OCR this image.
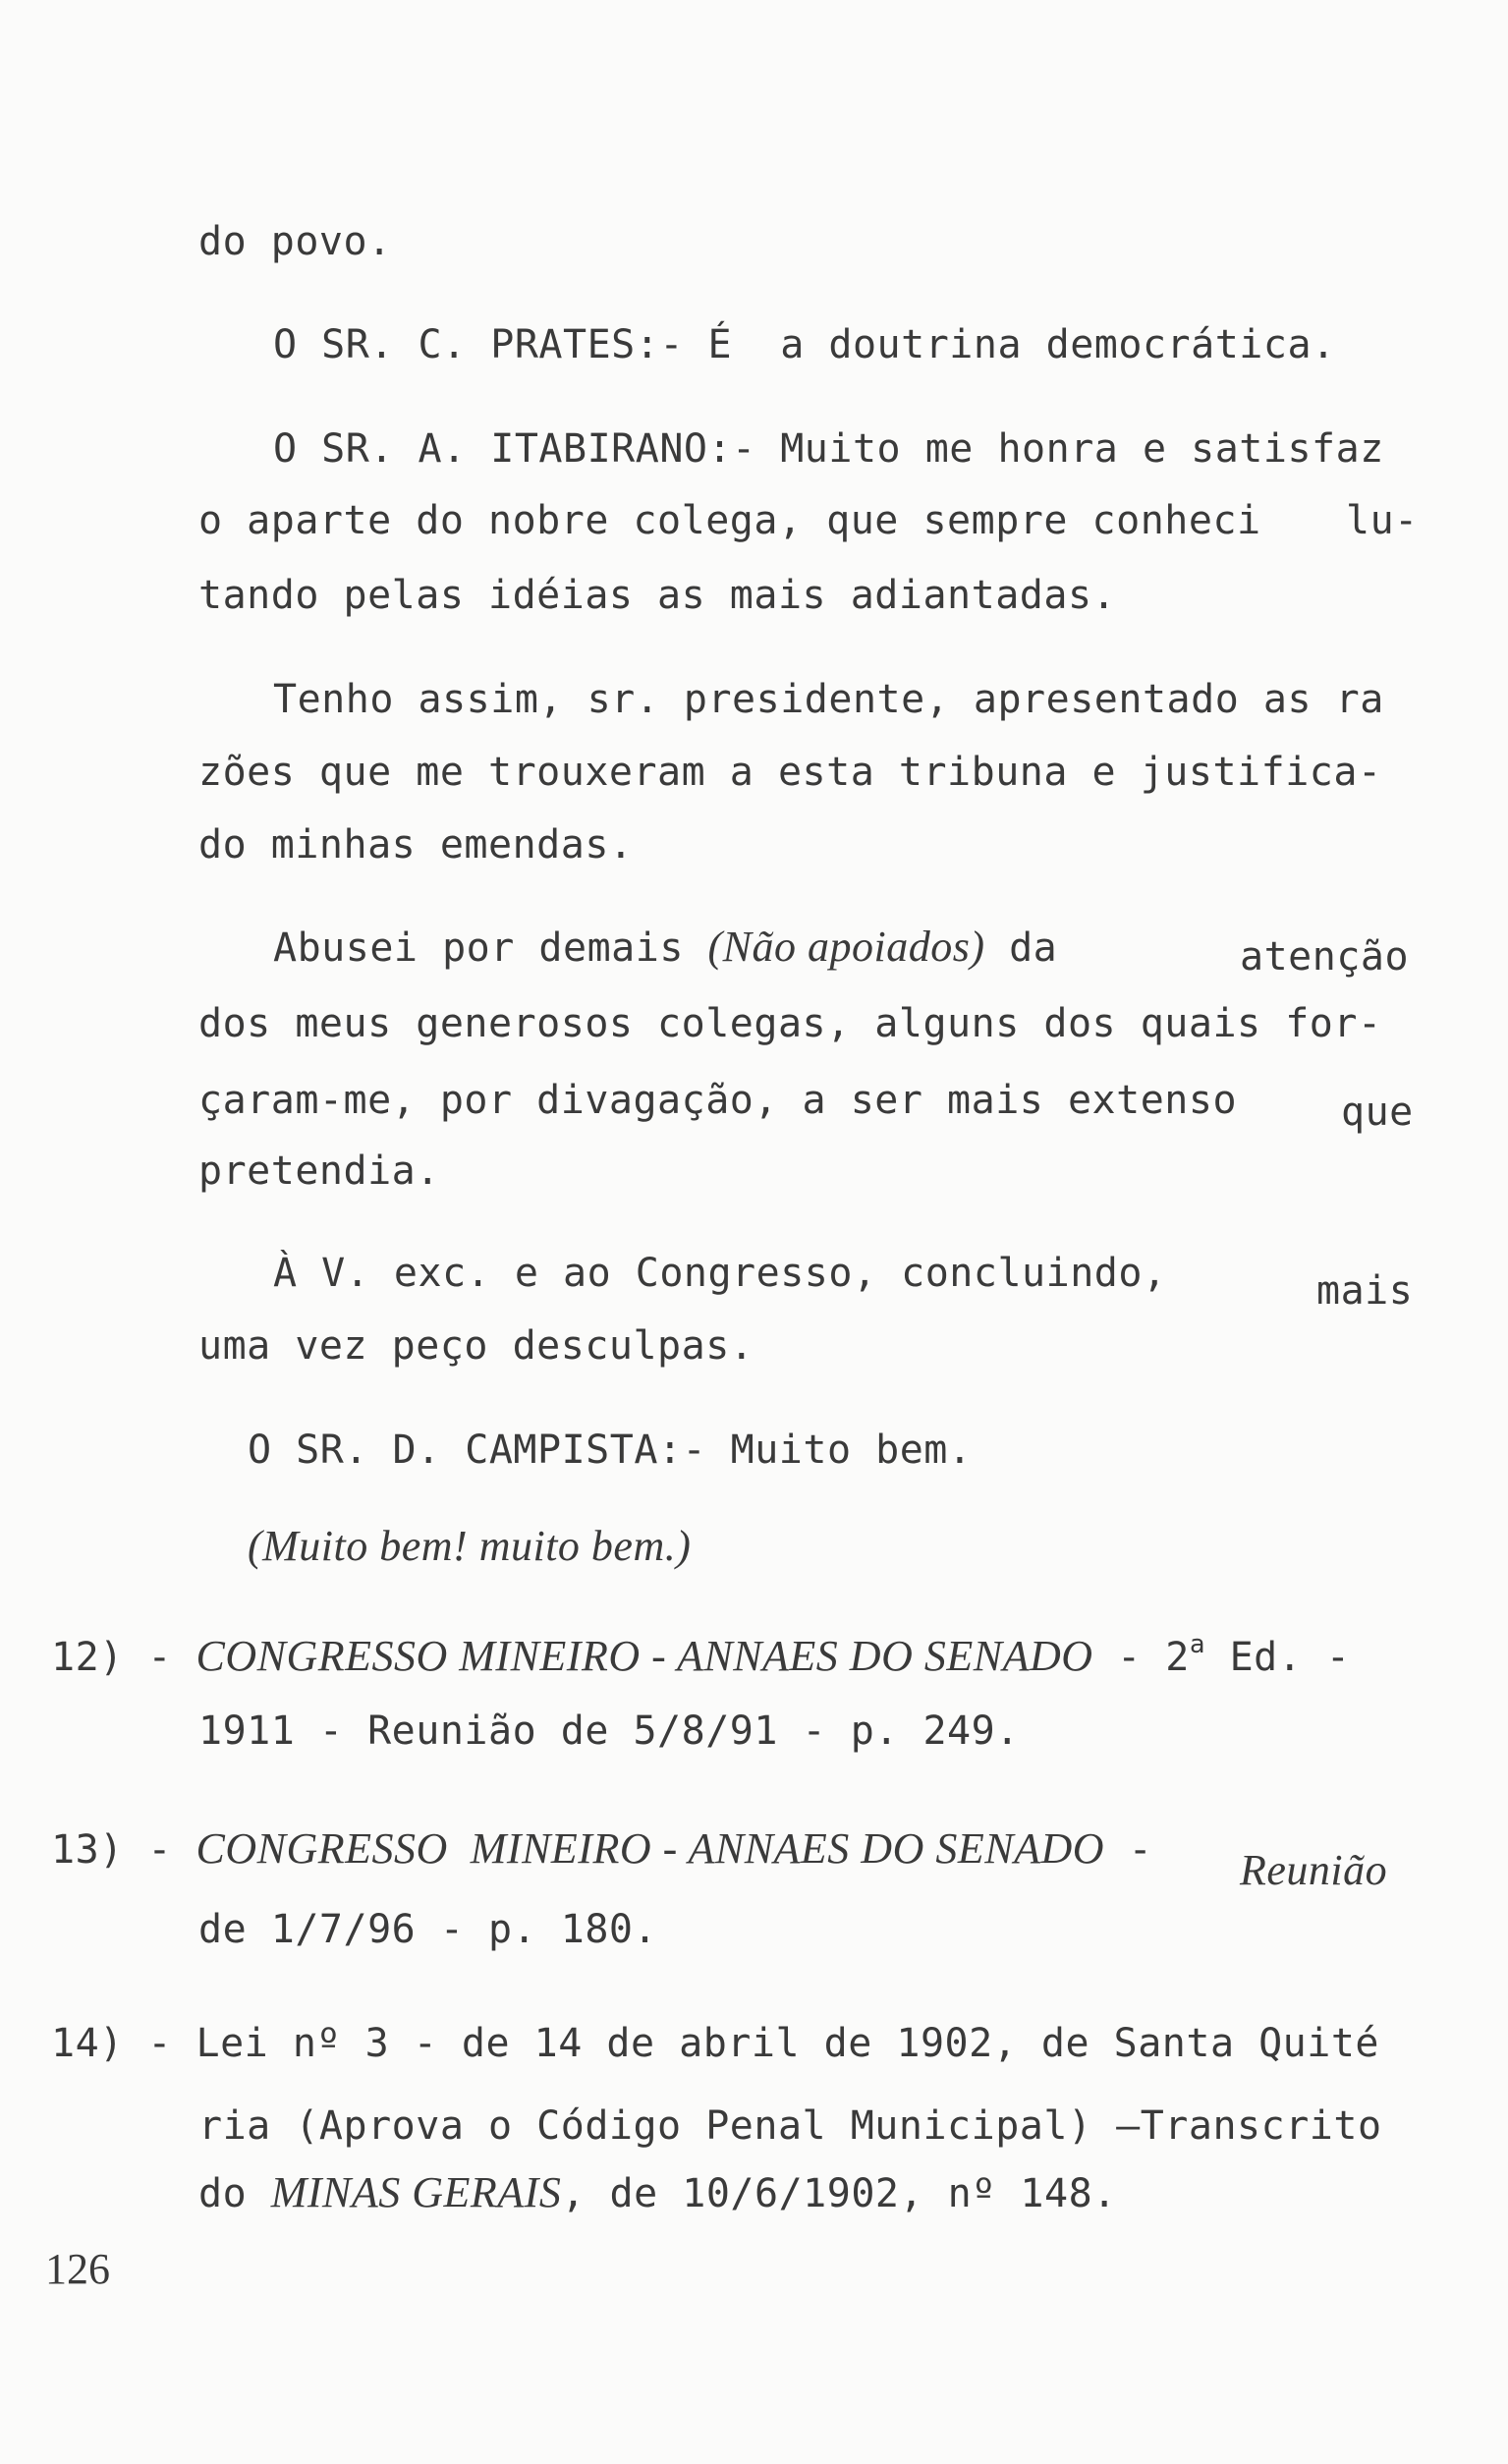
do povo.
O SR. C. PRATES:- É  a doutrina democrática.
O SR. A. ITABIRANO:- Muito me honra e satisfaz
o aparte do nobre colega, que sempre conheci lu-
tando pelas idéias as mais adiantadas.
Tenho assim, sr. presidente, apresentado as ra
zões que me trouxeram a esta tribuna e justifica-
do minhas emendas.
Abusei por demais (Não apoiados) da	atenção
dos meus generosos colegas, alguns dos quais for-
çaram-me, por divagação, a ser mais extenso	que
pretendia.
À V. exc. e ao Congresso, concluindo,	mais
uma vez peço desculpas.
O SR. D. CAMPISTA:- Muito bem.
(Muito bem! muito bem.)
12) - CONGRESSO MINEIRO - ANNAES DO SENADO - 2$^a$ Ed. -
1911 - Reunião de 5/8/91 - p. 249.
13) - CONGRESSO  MINEIRO - ANNAES DO SENADO - Reunião
de 1/7/96 - p. 180.
14) - Lei nº 3 - de 14 de abril de 1902, de Santa Quité
ria (Aprova o Código Penal Municipal) —Transcrito
do MINAS GERAIS, de 10/6/1902, nº 148.
126
